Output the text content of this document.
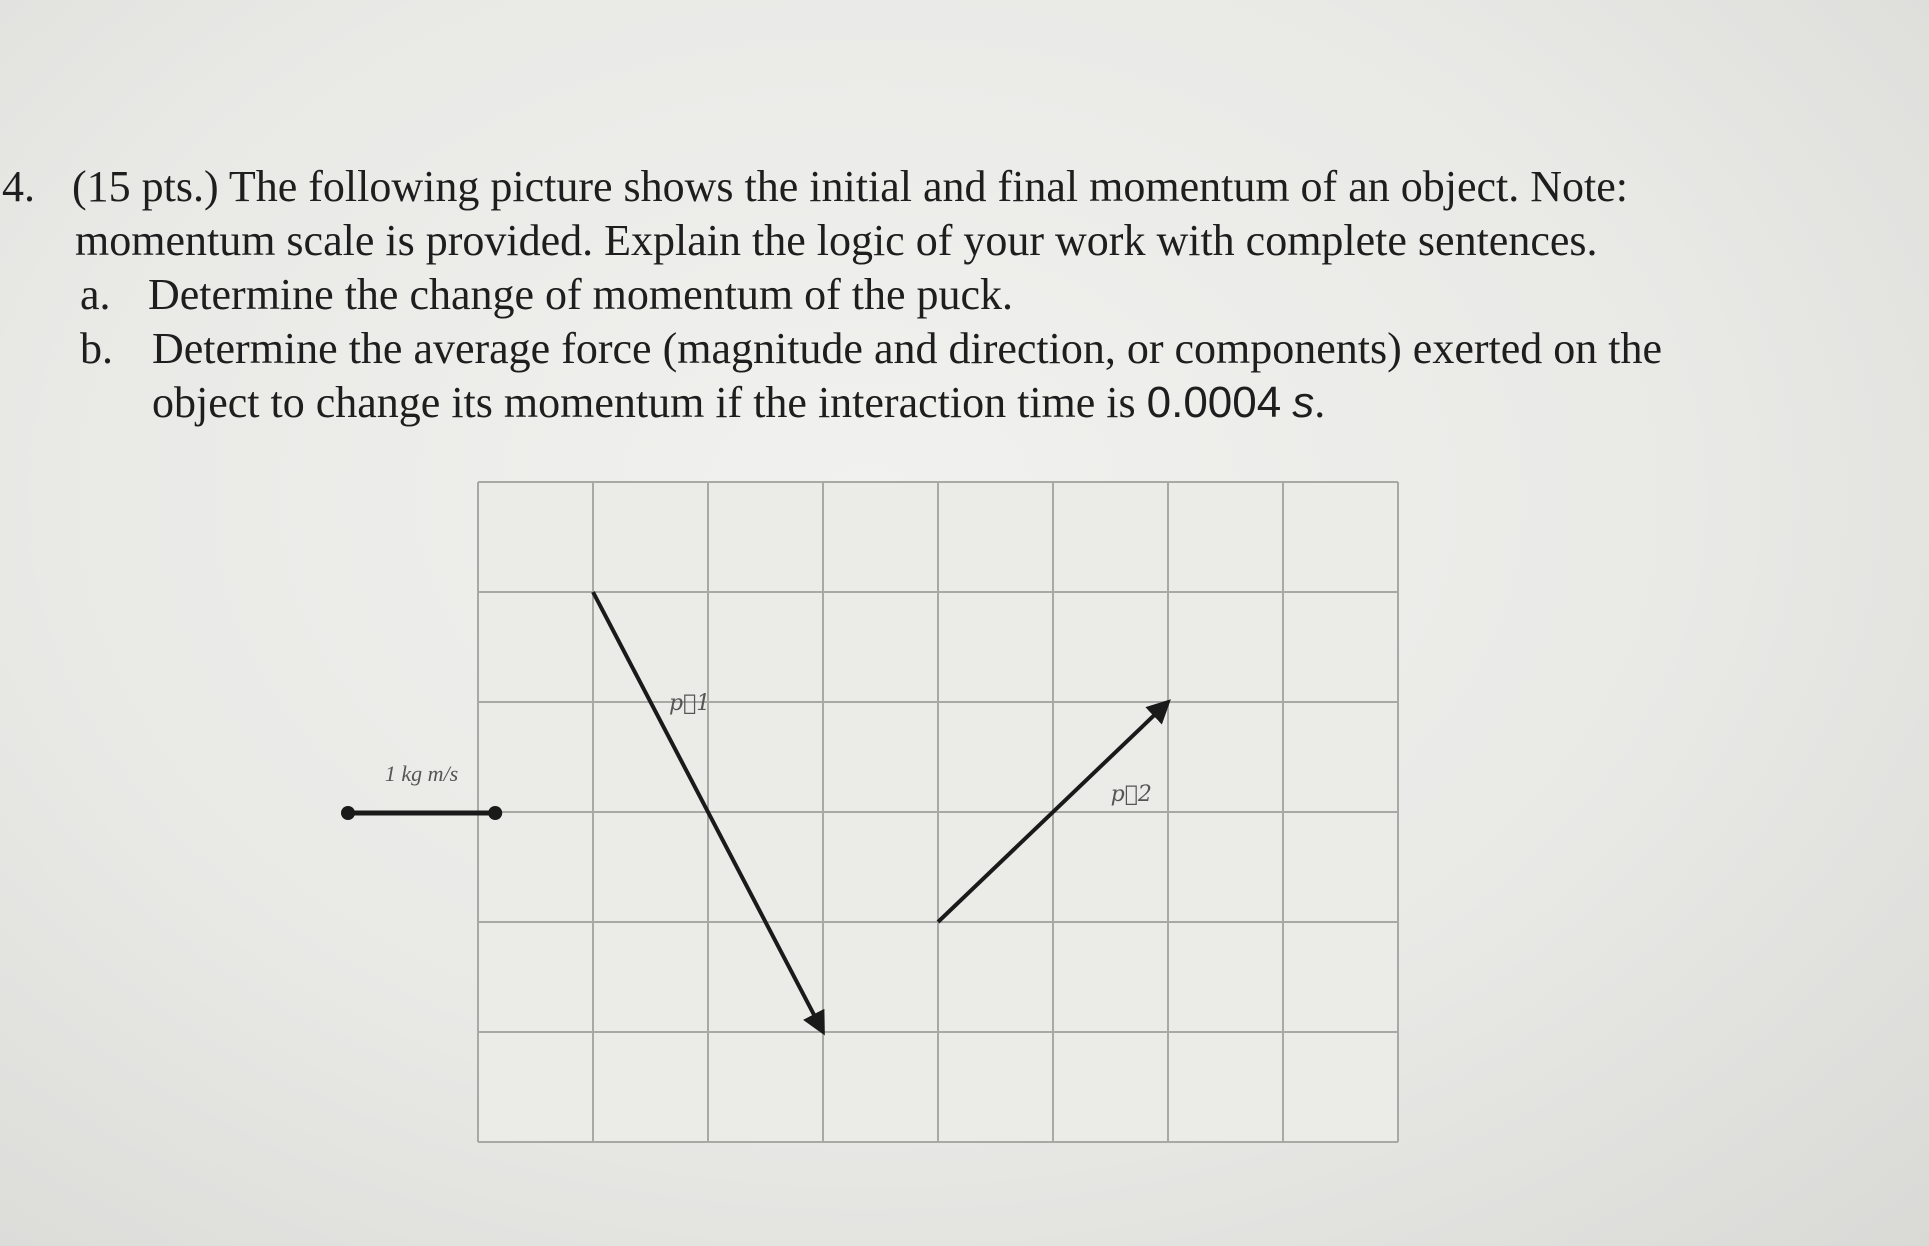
4. (15 pts.) The following picture shows the initial and final momentum of an object. Note:
momentum scale is provided. Explain the logic of your work with complete sentences.
a. Determine the change of momentum of the puck.
b. Determine the average force (magnitude and direction, or components) exerted on the
object to change its momentum if the interaction time is 0.0004 s.
1 kg m/s
p⃗1
p⃗2
